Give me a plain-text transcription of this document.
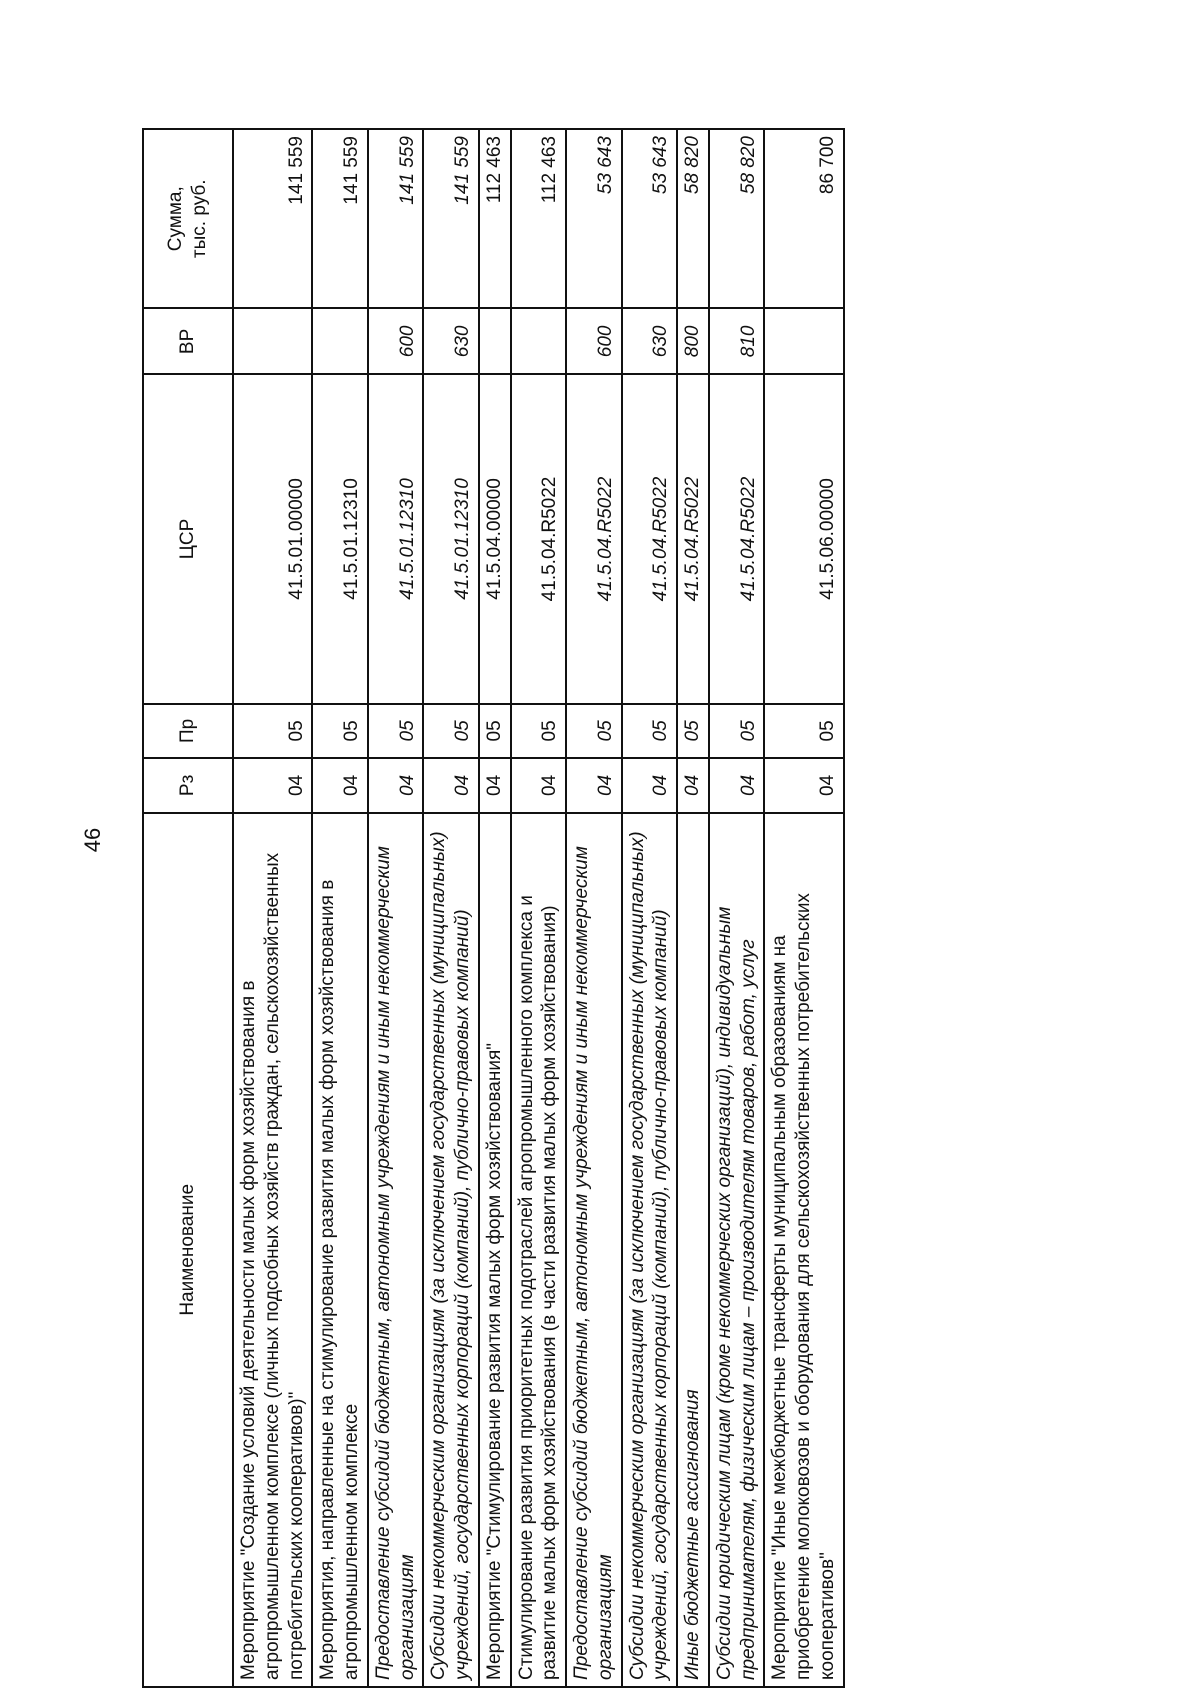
46
Наименование	Рз	Пр	ЦСР	ВР	Сумма, тыс. руб.

Мероприятие "Создание условий деятельности малых форм хозяйствования в агропромышленном комплексе (личных подсобных хозяйств граждан, сельскохозяйственных потребительских кооперативов)"	04	05	41.5.01.00000		141 559

Мероприятия, направленные на стимулирование развития малых форм хозяйствования в агропромышленном комплексе	04	05	41.5.01.12310		141 559

Предоставление субсидий бюджетным, автономным учреждениям и иным некоммерческим организациям	04	05	41.5.01.12310	600	141 559

Субсидии некоммерческим организациям (за исключением государственных (муниципальных) учреждений, государственных корпораций (компаний), публично-правовых компаний)	04	05	41.5.01.12310	630	141 559

Мероприятие "Стимулирование развития малых форм хозяйствования"	04	05	41.5.04.00000		112 463

Стимулирование развития приоритетных подотраслей агропромышленного комплекса и развитие малых форм хозяйствования (в части развития малых форм хозяйствования)	04	05	41.5.04.R5022		112 463

Предоставление субсидий бюджетным, автономным учреждениям и иным некоммерческим организациям	04	05	41.5.04.R5022	600	53 643

Субсидии некоммерческим организациям (за исключением государственных (муниципальных) учреждений, государственных корпораций (компаний), публично-правовых компаний)	04	05	41.5.04.R5022	630	53 643

Иные бюджетные ассигнования	04	05	41.5.04.R5022	800	58 820

Субсидии юридическим лицам (кроме некоммерческих организаций), индивидуальным предпринимателям, физическим лицам – производителям товаров, работ, услуг	04	05	41.5.04.R5022	810	58 820

Мероприятие "Иные межбюджетные трансферты муниципальным образованиям на приобретение молоковозов и оборудования для сельскохозяйственных потребительских кооперативов"	04	05	41.5.06.00000		86 700
